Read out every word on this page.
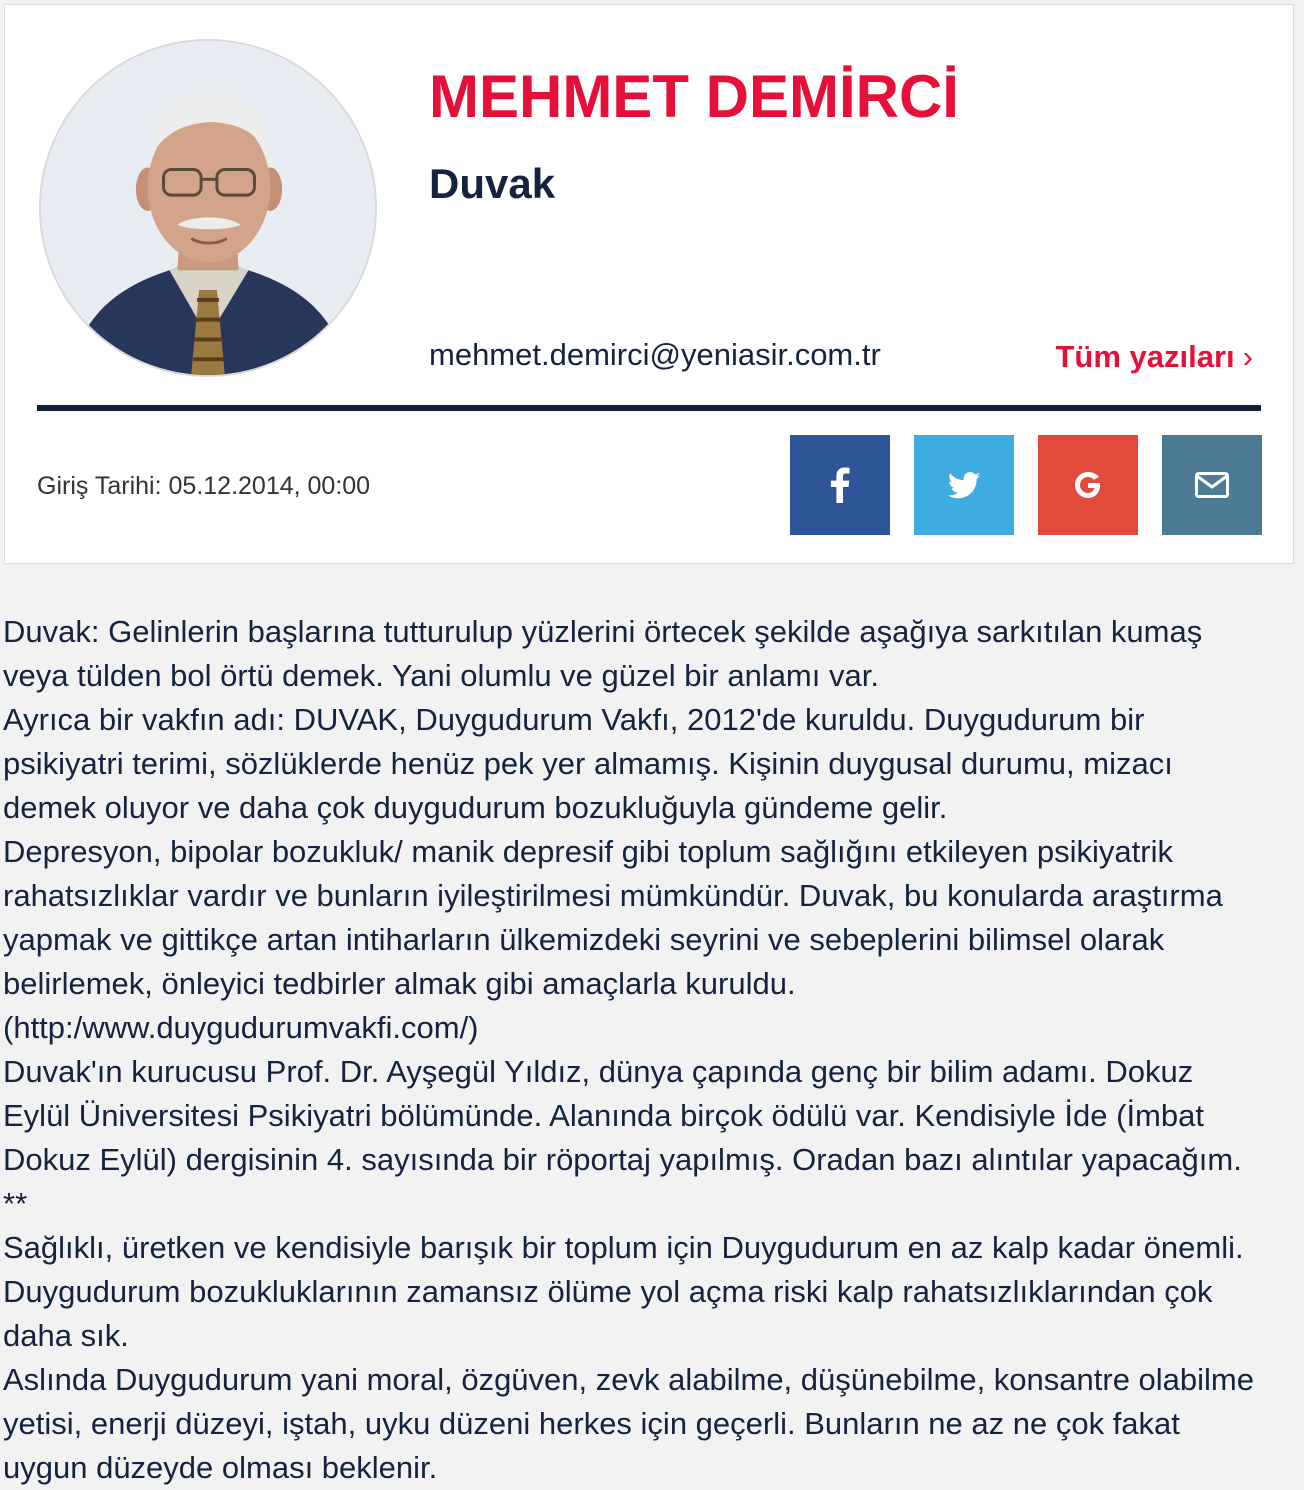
MEHMET DEMİRCİ
Duvak
mehmet.demirci@yeniasir.com.tr	Tüm yazıları ›
Giriş Tarihi: 05.12.2014, 00:00

Duvak: Gelinlerin başlarına tutturulup yüzlerini örtecek şekilde aşağıya sarkıtılan kumaş

veya tülden bol örtü demek. Yani olumlu ve güzel bir anlamı var.

Ayrıca bir vakfın adı: DUVAK, Duygudurum Vakfı, 2012'de kuruldu. Duygudurum bir

psikiyatri terimi, sözlüklerde henüz pek yer almamış. Kişinin duygusal durumu, mizacı

demek oluyor ve daha çok duygudurum bozukluğuyla gündeme gelir.

Depresyon, bipolar bozukluk/ manik depresif gibi toplum sağlığını etkileyen psikiyatrik

rahatsızlıklar vardır ve bunların iyileştirilmesi mümkündür. Duvak, bu konularda araştırma

yapmak ve gittikçe artan intiharların ülkemizdeki seyrini ve sebeplerini bilimsel olarak

belirlemek, önleyici tedbirler almak gibi amaçlarla kuruldu.

(http:/www.duygudurumvakfi.com/)

Duvak'ın kurucusu Prof. Dr. Ayşegül Yıldız, dünya çapında genç bir bilim adamı. Dokuz

Eylül Üniversitesi Psikiyatri bölümünde. Alanında birçok ödülü var. Kendisiyle İde (İmbat

Dokuz Eylül) dergisinin 4. sayısında bir röportaj yapılmış. Oradan bazı alıntılar yapacağım.

**

Sağlıklı, üretken ve kendisiyle barışık bir toplum için Duygudurum en az kalp kadar önemli.

Duygudurum bozukluklarının zamansız ölüme yol açma riski kalp rahatsızlıklarından çok

daha sık.

Aslında Duygudurum yani moral, özgüven, zevk alabilme, düşünebilme, konsantre olabilme

yetisi, enerji düzeyi, iştah, uyku düzeni herkes için geçerli. Bunların ne az ne çok fakat

uygun düzeyde olması beklenir.
